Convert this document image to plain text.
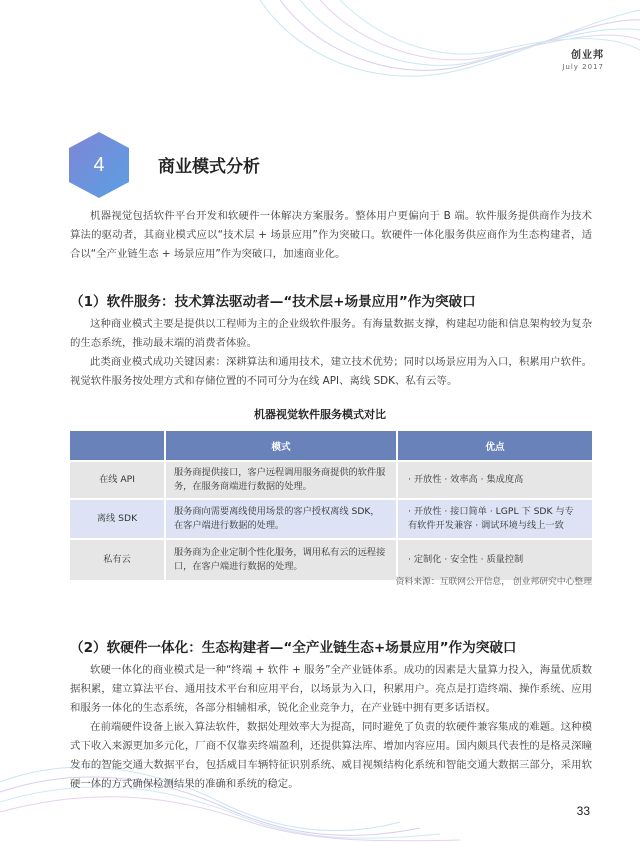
创业邦
July 2017
4	商业模式分析

机器视觉包括软件平台开发和软硬件一体解决方案服务。整体用户更偏向于 B 端。软件服务提供商作为技术算法的驱动者，其商业模式应以“技术层 + 场景应用”作为突破口。软硬件一体化服务供应商作为生态构建者，适合以“全产业链生态 + 场景应用”作为突破口，加速商业化。

（1）软件服务：技术算法驱动者—“技术层+场景应用”作为突破口

这种商业模式主要是提供以工程师为主的企业级软件服务。有海量数据支撑，构建起功能和信息架构较为复杂的生态系统，推动最末端的消费者体验。

此类商业模式成功关键因素：深耕算法和通用技术，建立技术优势；同时以场景应用为入口，积累用户软件。视觉软件服务按处理方式和存储位置的不同可分为在线 API、离线 SDK、私有云等。

机器视觉软件服务模式对比
	模式	优点
在线 API	服务商提供接口，客户远程调用服务商提供的软件服务，在服务商端进行数据的处理。	· 开放性 · 效率高 · 集成度高
离线 SDK	服务商向需要离线使用场景的客户授权离线 SDK，在客户端进行数据的处理。	· 开放性 · 接口简单 · LGPL 下 SDK 与专有软件开发兼容 · 调试环境与线上一致
私有云	服务商为企业定制个性化服务，调用私有云的远程接口，在客户端进行数据的处理。	· 定制化 · 安全性 · 质量控制
资料来源：互联网公开信息， 创业邦研究中心整理
（2）软硬件一体化：生态构建者—“全产业链生态+场景应用”作为突破口

软硬一体化的商业模式是一种“终端 + 软件 + 服务”全产业链体系。成功的因素是大量算力投入，海量优质数据积累，建立算法平台、通用技术平台和应用平台，以场景为入口，积累用户。亮点是打造终端、操作系统、应用和服务一体化的生态系统，各部分相辅相承，锐化企业竞争力，在产业链中拥有更多话语权。

在前端硬件设备上嵌入算法软件，数据处理效率大为提高，同时避免了负责的软硬件兼容集成的难题。这种模式下收入来源更加多元化，厂商不仅靠卖终端盈利，还提供算法库、增加内容应用。国内颇具代表性的是格灵深瞳发布的智能交通大数据平台，包括威目车辆特征识别系统、威目视频结构化系统和智能交通大数据三部分，采用软硬一体的方式确保检测结果的准确和系统的稳定。

33
